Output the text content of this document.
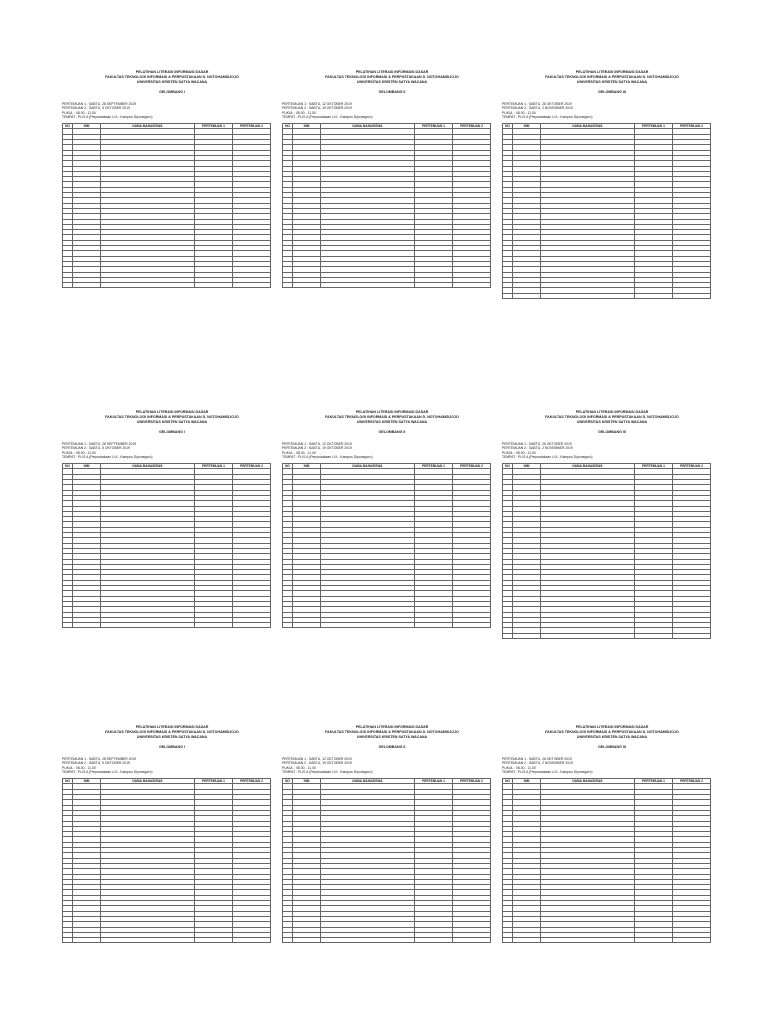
PELATIHAN LITERASI INFORMASI DASAR
FAKULTAS TEKNOLOGI INFORMASI & PERPUSTAKAAN D. NOTOHAMIDJOJO
UNIVERSITAS KRISTEN SATYA WACANA
GELOMBANG I
PERTEMUAN 1 : SABTU, 28 SEPTEMBER 2019
PERTEMUAN 2 : SABTU, 5 OKTOBER 2019
PUKUL : 08.00 - 11.00
TEMPAT : PLIS A (Perpustakaan U.II - Kampus Diponegoro)
NO	NIM	NAMA MAHASISWA	PERTEMUAN 1	PERTEMUAN 2

PELATIHAN LITERASI INFORMASI DASAR
FAKULTAS TEKNOLOGI INFORMASI & PERPUSTAKAAN D. NOTOHAMIDJOJO
UNIVERSITAS KRISTEN SATYA WACANA
GELOMBANG I
PERTEMUAN 1 : SABTU, 28 SEPTEMBER 2019
PERTEMUAN 2 : SABTU, 5 OKTOBER 2019
PUKUL : 08.00 - 11.00
TEMPAT : PLIS A (Perpustakaan U.II - Kampus Diponegoro)
NO	NIM	NAMA MAHASISWA	PERTEMUAN 1	PERTEMUAN 2

PELATIHAN LITERASI INFORMASI DASAR
FAKULTAS TEKNOLOGI INFORMASI & PERPUSTAKAAN D. NOTOHAMIDJOJO
UNIVERSITAS KRISTEN SATYA WACANA
GELOMBANG I
PERTEMUAN 1 : SABTU, 28 SEPTEMBER 2019
PERTEMUAN 2 : SABTU, 5 OKTOBER 2019
PUKUL : 08.00 - 11.00
TEMPAT : PLIS A (Perpustakaan U.II - Kampus Diponegoro)
NO	NIM	NAMA MAHASISWA	PERTEMUAN 1	PERTEMUAN 2

PELATIHAN LITERASI INFORMASI DASAR
FAKULTAS TEKNOLOGI INFORMASI & PERPUSTAKAAN D. NOTOHAMIDJOJO
UNIVERSITAS KRISTEN SATYA WACANA
GELOMBANG II
PERTEMUAN 1 : SABTU, 12 OKTOBER 2019
PERTEMUAN 2 : SABTU, 19 OKTOBER 2019
PUKUL : 08.00 - 11.00
TEMPAT : PLIS A (Perpustakaan U.II - Kampus Diponegoro)
NO	NIM	NAMA MAHASISWA	PERTEMUAN 1	PERTEMUAN 2

PELATIHAN LITERASI INFORMASI DASAR
FAKULTAS TEKNOLOGI INFORMASI & PERPUSTAKAAN D. NOTOHAMIDJOJO
UNIVERSITAS KRISTEN SATYA WACANA
GELOMBANG II
PERTEMUAN 1 : SABTU, 12 OKTOBER 2019
PERTEMUAN 2 : SABTU, 19 OKTOBER 2019
PUKUL : 08.00 - 11.00
TEMPAT : PLIS A (Perpustakaan U.II - Kampus Diponegoro)
NO	NIM	NAMA MAHASISWA	PERTEMUAN 1	PERTEMUAN 2

PELATIHAN LITERASI INFORMASI DASAR
FAKULTAS TEKNOLOGI INFORMASI & PERPUSTAKAAN D. NOTOHAMIDJOJO
UNIVERSITAS KRISTEN SATYA WACANA
GELOMBANG II
PERTEMUAN 1 : SABTU, 12 OKTOBER 2019
PERTEMUAN 2 : SABTU, 19 OKTOBER 2019
PUKUL : 08.00 - 11.00
TEMPAT : PLIS A (Perpustakaan U.II - Kampus Diponegoro)
NO	NIM	NAMA MAHASISWA	PERTEMUAN 1	PERTEMUAN 2

PELATIHAN LITERASI INFORMASI DASAR
FAKULTAS TEKNOLOGI INFORMASI & PERPUSTAKAAN D. NOTOHAMIDJOJO
UNIVERSITAS KRISTEN SATYA WACANA
GELOMBANG III
PERTEMUAN 1 : SABTU, 26 OKTOBER 2019
PERTEMUAN 2 : SABTU, 2 NOVEMBER 2019
PUKUL : 08.00 - 11.00
TEMPAT : PLIS A (Perpustakaan U.II - Kampus Diponegoro)
NO	NIM	NAMA MAHASISWA	PERTEMUAN 1	PERTEMUAN 2

PELATIHAN LITERASI INFORMASI DASAR
FAKULTAS TEKNOLOGI INFORMASI & PERPUSTAKAAN D. NOTOHAMIDJOJO
UNIVERSITAS KRISTEN SATYA WACANA
GELOMBANG III
PERTEMUAN 1 : SABTU, 26 OKTOBER 2019
PERTEMUAN 2 : SABTU, 2 NOVEMBER 2019
PUKUL : 08.00 - 11.00
TEMPAT : PLIS A (Perpustakaan U.II - Kampus Diponegoro)
NO	NIM	NAMA MAHASISWA	PERTEMUAN 1	PERTEMUAN 2

PELATIHAN LITERASI INFORMASI DASAR
FAKULTAS TEKNOLOGI INFORMASI & PERPUSTAKAAN D. NOTOHAMIDJOJO
UNIVERSITAS KRISTEN SATYA WACANA
GELOMBANG III
PERTEMUAN 1 : SABTU, 26 OKTOBER 2019
PERTEMUAN 2 : SABTU, 2 NOVEMBER 2019
PUKUL : 08.00 - 11.00
TEMPAT : PLIS A (Perpustakaan U.II - Kampus Diponegoro)
NO	NIM	NAMA MAHASISWA	PERTEMUAN 1	PERTEMUAN 2
